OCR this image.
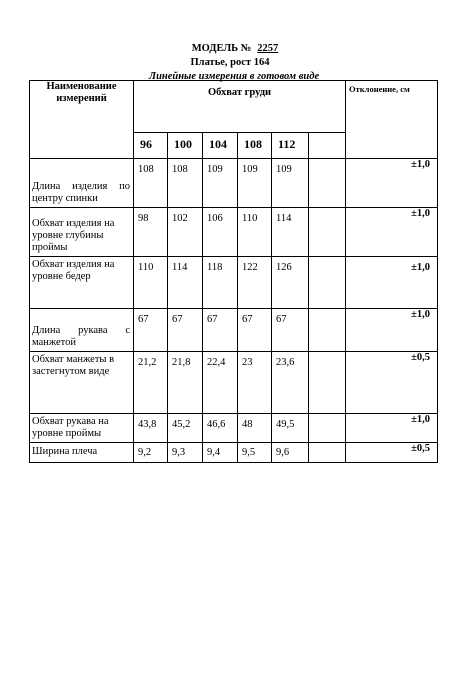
МОДЕЛЬ № 2257
Платье, рост 164
Линейные измерения в готовом виде
Наименование измерений	Обхват груди						Отклонение, см
	96	100	104	108	112		

Длина изделия по центру спинки	108	108	109	109	109		±1,0

Обхват изделия на уровне глубины проймы	98	102	106	110	114		±1,0

Обхват изделия на уровне бедер	110	114	118	122	126		±1,0

Длина рукава с манжетой	67	67	67	67	67		±1,0

Обхват манжеты в застегнутом виде	21,2	21,8	22,4	23	23,6		±0,5

Обхват рукава на уровне проймы	43,8	45,2	46,6	48	49,5		±1,0

Ширина плеча	9,2	9,3	9,4	9,5	9,6		±0,5
